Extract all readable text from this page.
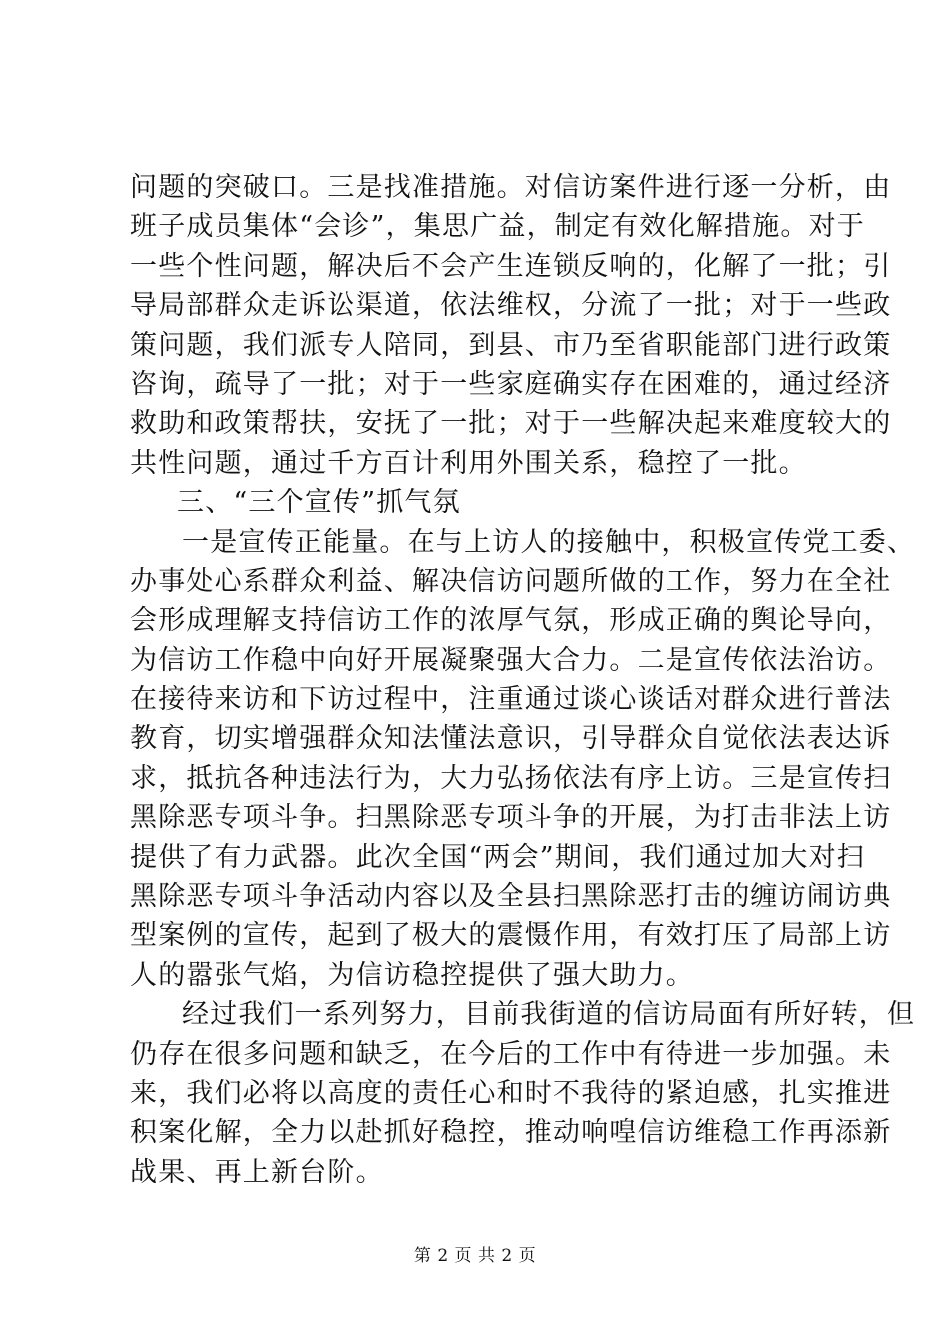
问题的突破口。三是找准措施。对信访案件进行逐一分析，由
班子成员集体“会诊”，集思广益，制定有效化解措施。对于
一些个性问题，解决后不会产生连锁反响的，化解了一批；引
导局部群众走诉讼渠道，依法维权，分流了一批；对于一些政
策问题，我们派专人陪同，到县、市乃至省职能部门进行政策
咨询，疏导了一批；对于一些家庭确实存在困难的，通过经济
救助和政策帮扶，安抚了一批；对于一些解决起来难度较大的
共性问题，通过千方百计利用外围关系，稳控了一批。
三、“三个宣传”抓气氛
一是宣传正能量。在与上访人的接触中，积极宣传党工委、
办事处心系群众利益、解决信访问题所做的工作，努力在全社
会形成理解支持信访工作的浓厚气氛，形成正确的舆论导向，
为信访工作稳中向好开展凝聚强大合力。二是宣传依法治访。
在接待来访和下访过程中，注重通过谈心谈话对群众进行普法
教育，切实增强群众知法懂法意识，引导群众自觉依法表达诉
求，抵抗各种违法行为，大力弘扬依法有序上访。三是宣传扫
黑除恶专项斗争。扫黑除恶专项斗争的开展，为打击非法上访
提供了有力武器。此次全国“两会”期间，我们通过加大对扫
黑除恶专项斗争活动内容以及全县扫黑除恶打击的缠访闹访典
型案例的宣传，起到了极大的震慑作用，有效打压了局部上访
人的嚣张气焰，为信访稳控提供了强大助力。
经过我们一系列努力，目前我街道的信访局面有所好转，但
仍存在很多问题和缺乏，在今后的工作中有待进一步加强。未
来，我们必将以高度的责任心和时不我待的紧迫感，扎实推进
积案化解，全力以赴抓好稳控，推动响喤信访维稳工作再添新
战果、再上新台阶。
第 2 页 共 2 页
